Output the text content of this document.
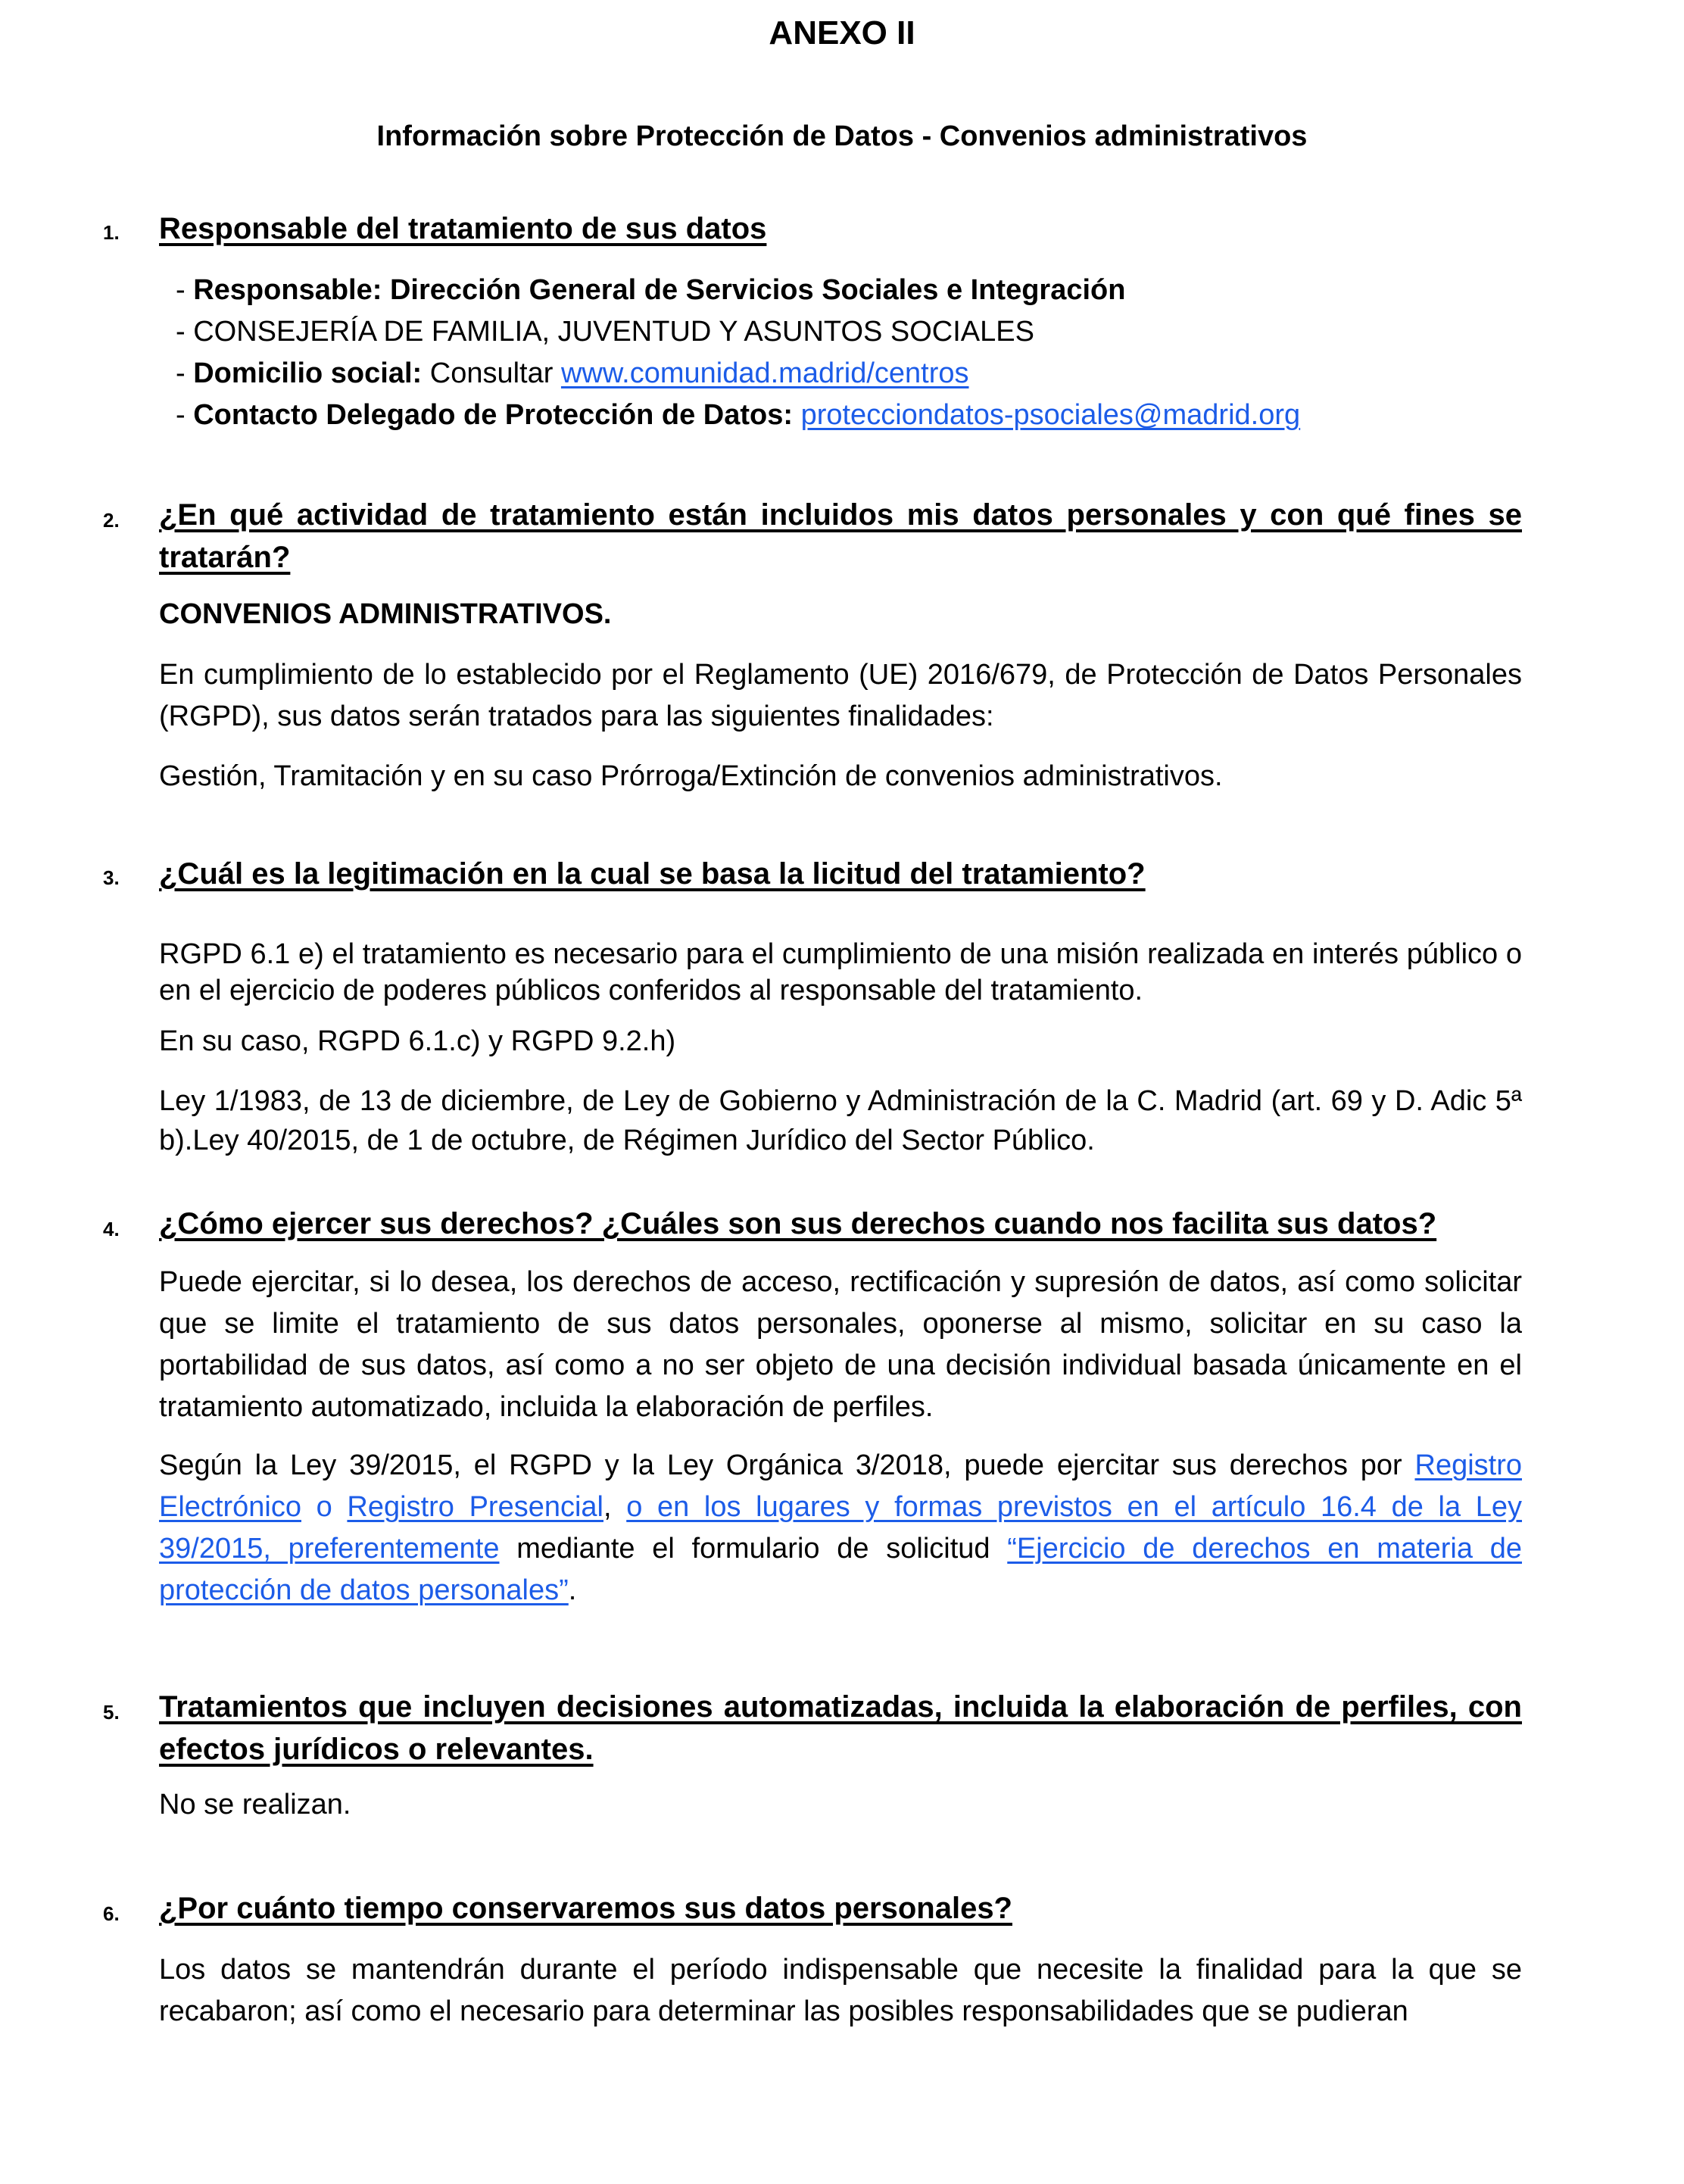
ANEXO II
Información sobre Protección de Datos - Convenios administrativos
1. Responsable del tratamiento de sus datos
- Responsable: Dirección General de Servicios Sociales e Integración
- CONSEJERÍA DE FAMILIA, JUVENTUD Y ASUNTOS SOCIALES
- Domicilio social: Consultar www.comunidad.madrid/centros
- Contacto Delegado de Protección de Datos: protecciondatos-psociales@madrid.org
2. ¿En qué actividad de tratamiento están incluidos mis datos personales y con qué fines se tratarán?
CONVENIOS ADMINISTRATIVOS.
En cumplimiento de lo establecido por el Reglamento (UE) 2016/679, de Protección de Datos Personales (RGPD), sus datos serán tratados para las siguientes finalidades:
Gestión, Tramitación y en su caso Prórroga/Extinción de convenios administrativos.
3. ¿Cuál es la legitimación en la cual se basa la licitud del tratamiento?
RGPD 6.1 e) el tratamiento es necesario para el cumplimiento de una misión realizada en interés público o en el ejercicio de poderes públicos conferidos al responsable del tratamiento.
En su caso, RGPD 6.1.c) y RGPD 9.2.h)
Ley 1/1983, de 13 de diciembre, de Ley de Gobierno y Administración de la C. Madrid (art. 69 y D. Adic 5ª b).Ley 40/2015, de 1 de octubre, de Régimen Jurídico del Sector Público.
4. ¿Cómo ejercer sus derechos? ¿Cuáles son sus derechos cuando nos facilita sus datos?
Puede ejercitar, si lo desea, los derechos de acceso, rectificación y supresión de datos, así como solicitar que se limite el tratamiento de sus datos personales, oponerse al mismo, solicitar en su caso la portabilidad de sus datos, así como a no ser objeto de una decisión individual basada únicamente en el tratamiento automatizado, incluida la elaboración de perfiles.
Según la Ley 39/2015, el RGPD y la Ley Orgánica 3/2018, puede ejercitar sus derechos por Registro Electrónico o Registro Presencial, o en los lugares y formas previstos en el artículo 16.4 de la Ley 39/2015, preferentemente mediante el formulario de solicitud “Ejercicio de derechos en materia de protección de datos personales”.
5. Tratamientos que incluyen decisiones automatizadas, incluida la elaboración de perfiles, con efectos jurídicos o relevantes.
No se realizan.
6. ¿Por cuánto tiempo conservaremos sus datos personales?
Los datos se mantendrán durante el período indispensable que necesite la finalidad para la que se recabaron; así como el necesario para determinar las posibles responsabilidades que se pudieran
